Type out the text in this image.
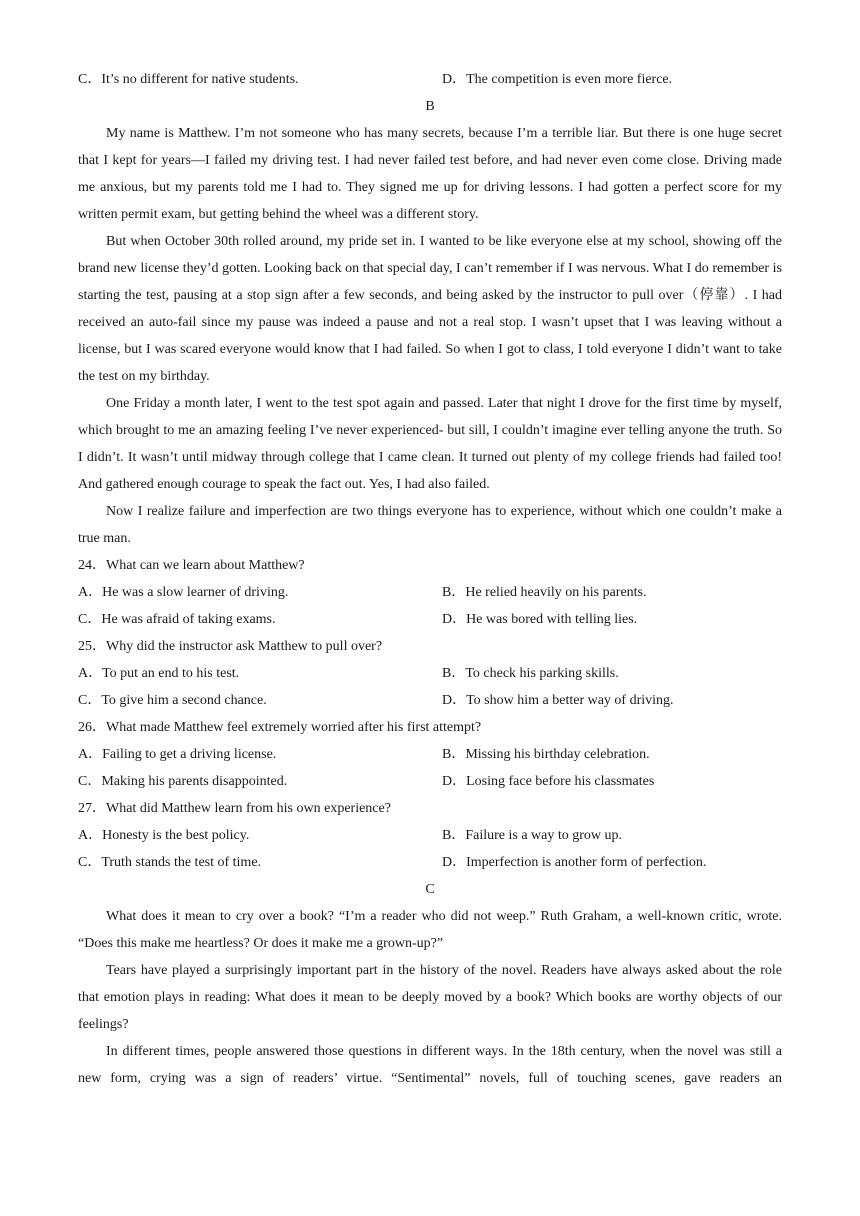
C．It’s no different for native students.	D．The competition is even more fierce.
B

My name is Matthew. I’m not someone who has many secrets, because I’m a terrible liar. But there is one huge secret that I kept for years—I failed my driving test. I had never failed test before, and had never even come close. Driving made me anxious, but my parents told me I had to. They signed me up for driving lessons. I had gotten a perfect score for my written permit exam, but getting behind the wheel was a different story.

But when October 30th rolled around, my pride set in. I wanted to be like everyone else at my school, showing off the brand new license they’d gotten. Looking back on that special day, I can’t remember if I was nervous. What I do remember is starting the test, pausing at a stop sign after a few seconds, and being asked by the instructor to pull over（停靠）. I had received an auto-fail since my pause was indeed a pause and not a real stop. I wasn’t upset that I was leaving without a license, but I was scared everyone would know that I had failed. So when I got to class, I told everyone I didn’t want to take the test on my birthday.

One Friday a month later, I went to the test spot again and passed. Later that night I drove for the first time by myself, which brought to me an amazing feeling I’ve never experienced- but sill, I couldn’t imagine ever telling anyone the truth. So I didn’t. It wasn’t until midway through college that I came clean. It turned out plenty of my college friends had failed too! And gathered enough courage to speak the fact out. Yes, I had also failed.

Now I realize failure and imperfection are two things everyone has to experience, without which one couldn’t make a true man.

24．What can we learn about Matthew?
A．He was a slow learner of driving.	B．He relied heavily on his parents.
C．He was afraid of taking exams.	D．He was bored with telling lies.
25．Why did the instructor ask Matthew to pull over?
A．To put an end to his test.	B．To check his parking skills.
C．To give him a second chance.	D．To show him a better way of driving.
26．What made Matthew feel extremely worried after his first attempt?
A．Failing to get a driving license.	B．Missing his birthday celebration.
C．Making his parents disappointed.	D．Losing face before his classmates
27．What did Matthew learn from his own experience?
A．Honesty is the best policy.	B．Failure is a way to grow up.
C．Truth stands the test of time.	D．Imperfection is another form of perfection.
C

What does it mean to cry over a book? “I’m a reader who did not weep.” Ruth Graham, a well-known critic, wrote. “Does this make me heartless? Or does it make me a grown-up?”

Tears have played a surprisingly important part in the history of the novel. Readers have always asked about the role that emotion plays in reading: What does it mean to be deeply moved by a book? Which books are worthy objects of our feelings?

In different times, people answered those questions in different ways. In the 18th century, when the novel was still a new form, crying was a sign of readers’ virtue. “Sentimental” novels, full of touching scenes, gave readers an
